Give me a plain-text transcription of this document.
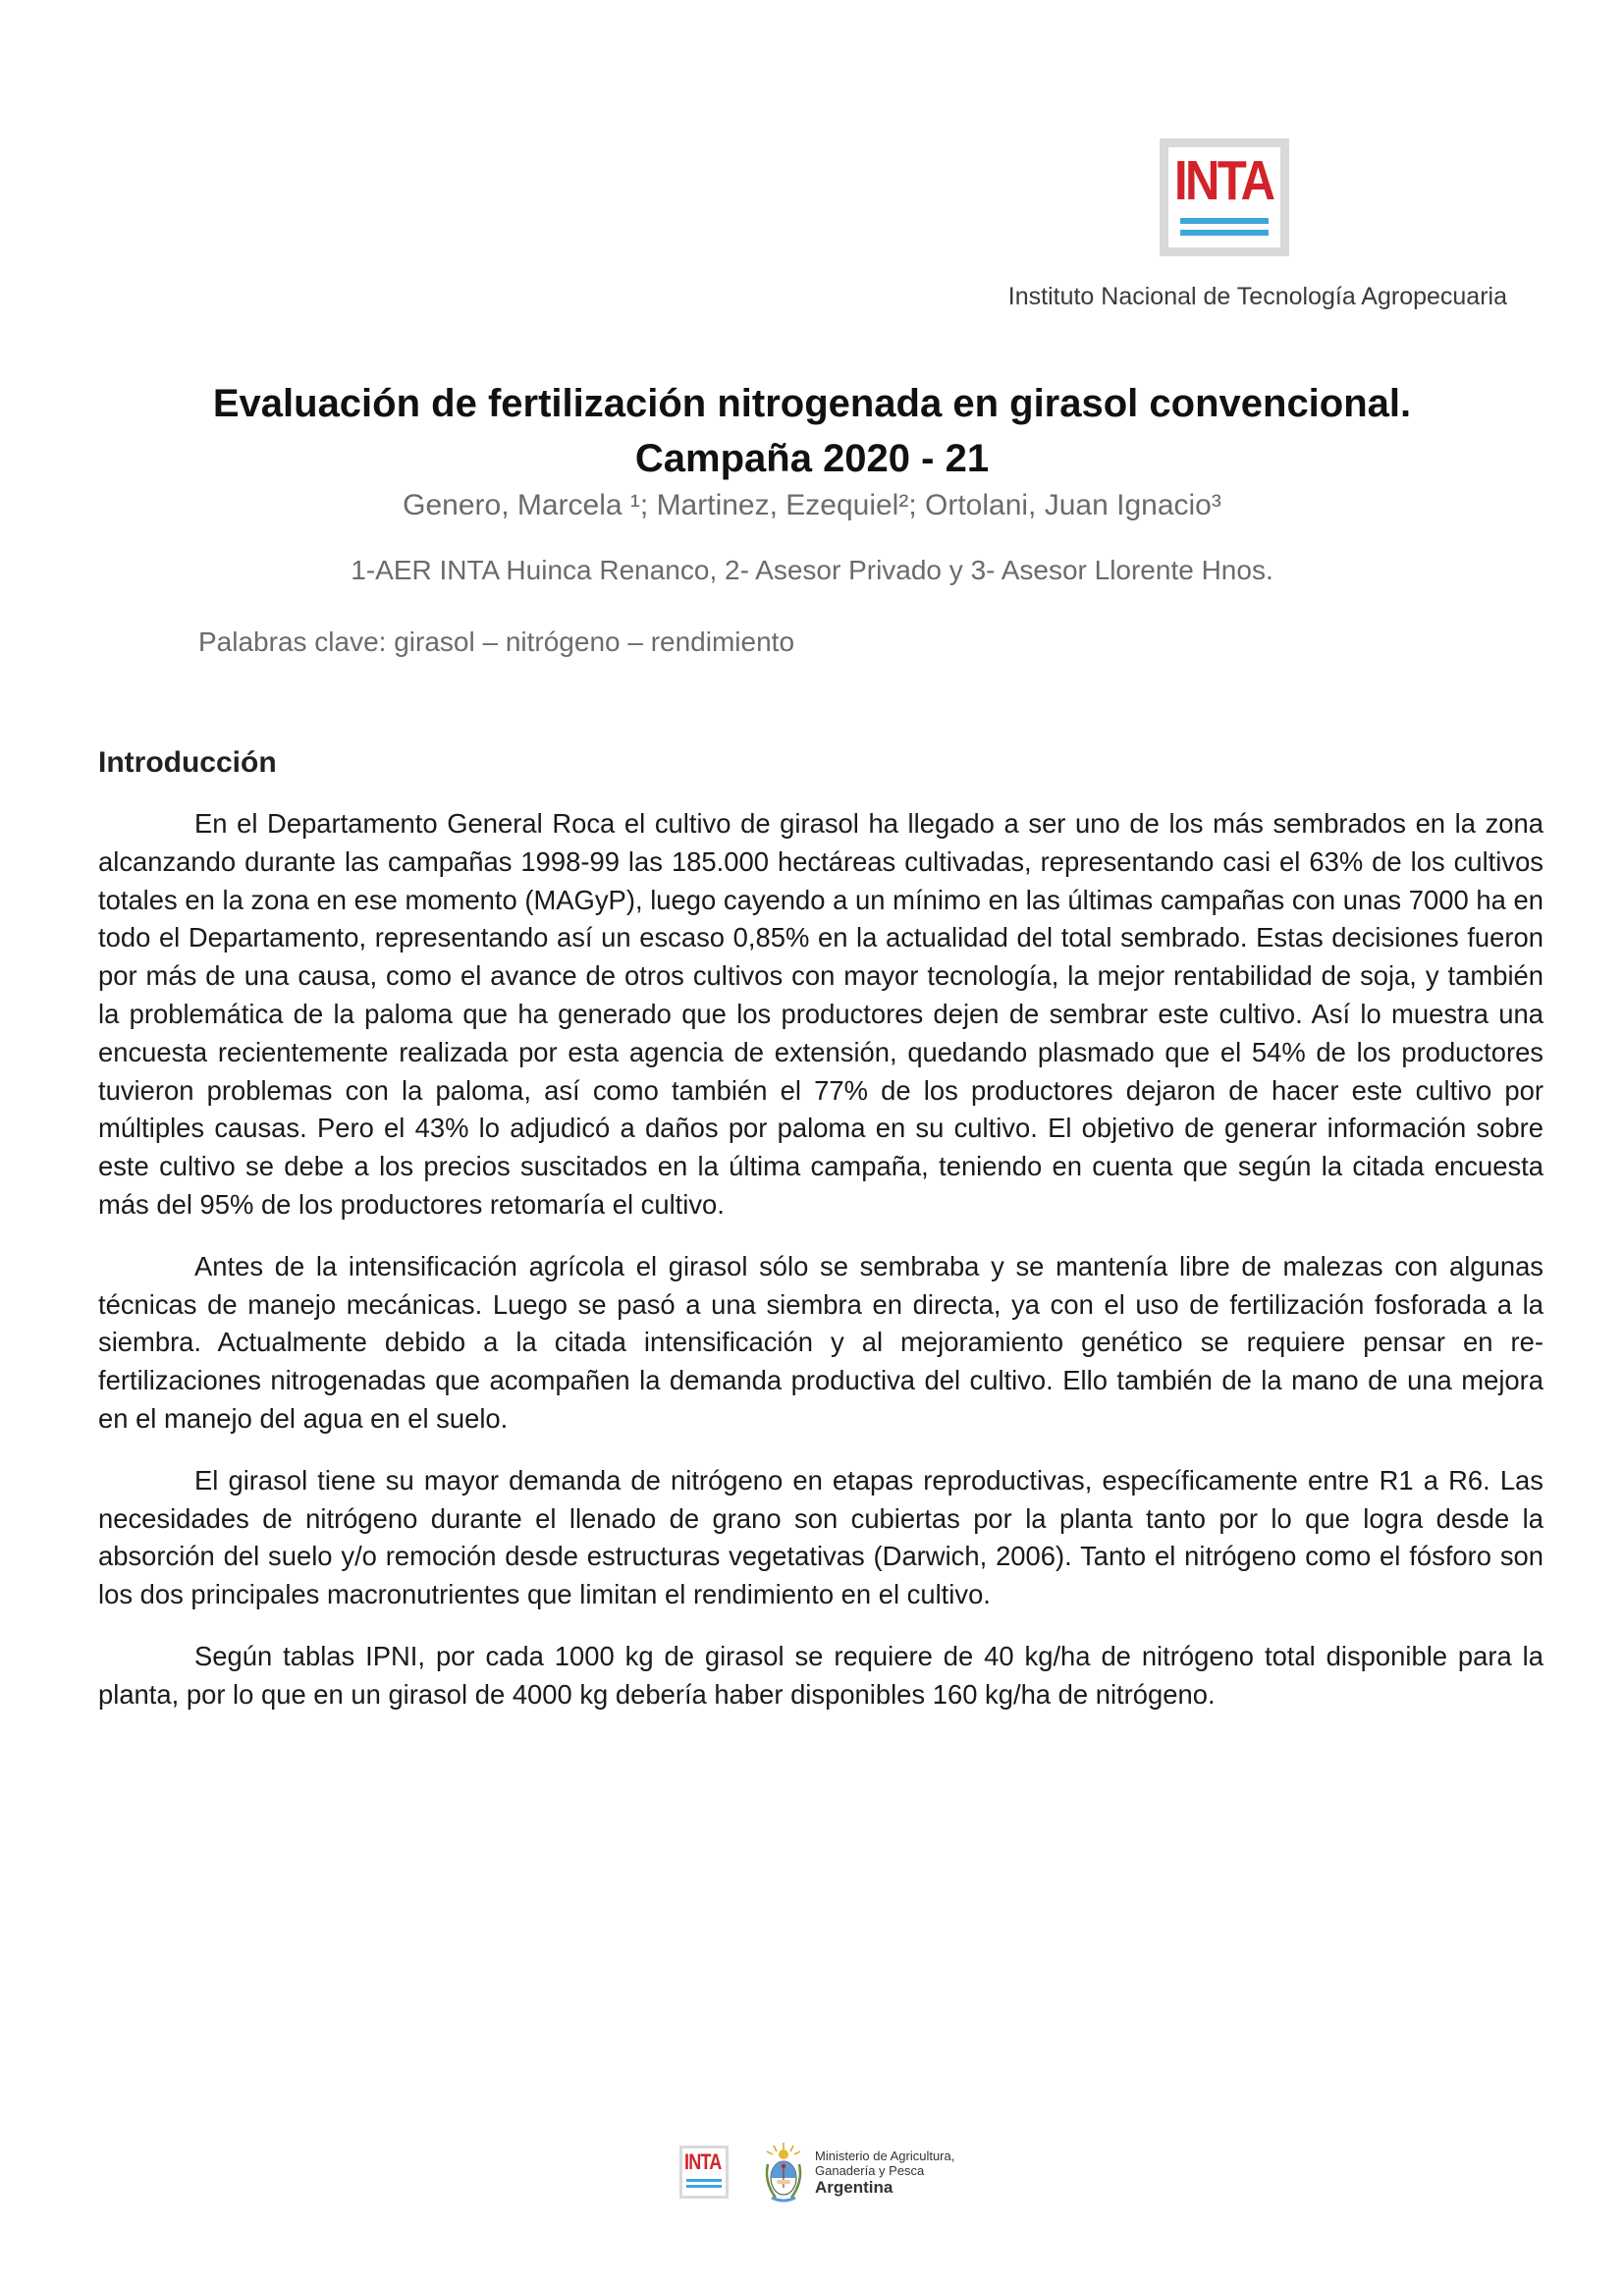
INTA
Instituto Nacional de Tecnología Agropecuaria
Evaluación de fertilización nitrogenada en girasol convencional.
Campaña 2020 - 21
Genero, Marcela ¹; Martinez, Ezequiel²; Ortolani, Juan Ignacio³
1-AER INTA Huinca Renanco, 2- Asesor Privado y 3- Asesor Llorente Hnos.
Palabras clave: girasol – nitrógeno – rendimiento
Introducción

En el Departamento General Roca el cultivo de girasol ha llegado a ser uno de los más sembrados en la zona alcanzando durante las campañas 1998-99 las 185.000 hectáreas cultivadas, representando casi el 63% de los cultivos totales en la zona en ese momento (MAGyP), luego cayendo a un mínimo en las últimas campañas con unas 7000 ha en todo el Departamento, representando así un escaso 0,85% en la actualidad del total sembrado. Estas decisiones fueron por más de una causa, como el avance de otros cultivos con mayor tecnología, la mejor rentabilidad de soja, y también la problemática de la paloma que ha generado que los productores dejen de sembrar este cultivo. Así lo muestra una encuesta recientemente realizada por esta agencia de extensión, quedando plasmado que el 54% de los productores tuvieron problemas con la paloma, así como también el 77% de los productores dejaron de hacer este cultivo por múltiples causas. Pero el 43% lo adjudicó a daños por paloma en su cultivo. El objetivo de generar información sobre este cultivo se debe a los precios suscitados en la última campaña, teniendo en cuenta que según la citada encuesta más del 95% de los productores retomaría el cultivo.

Antes de la intensificación agrícola el girasol sólo se sembraba y se mantenía libre de malezas con algunas técnicas de manejo mecánicas. Luego se pasó a una siembra en directa, ya con el uso de fertilización fosforada a la siembra. Actualmente debido a la citada intensificación y al mejoramiento genético se requiere pensar en re-fertilizaciones nitrogenadas que acompañen la demanda productiva del cultivo. Ello también de la mano de una mejora en el manejo del agua en el suelo.

El girasol tiene su mayor demanda de nitrógeno en etapas reproductivas, específicamente entre R1 a R6. Las necesidades de nitrógeno durante el llenado de grano son cubiertas por la planta tanto por lo que logra desde la absorción del suelo y/o remoción desde estructuras vegetativas (Darwich, 2006). Tanto el nitrógeno como el fósforo son los dos principales macronutrientes que limitan el rendimiento en el cultivo.

Según tablas IPNI, por cada 1000 kg de girasol se requiere de 40 kg/ha de nitrógeno total disponible para la planta, por lo que en un girasol de 4000 kg debería haber disponibles 160 kg/ha de nitrógeno.

INTA	Ministerio de Agricultura,
Ganadería y Pesca
Argentina
